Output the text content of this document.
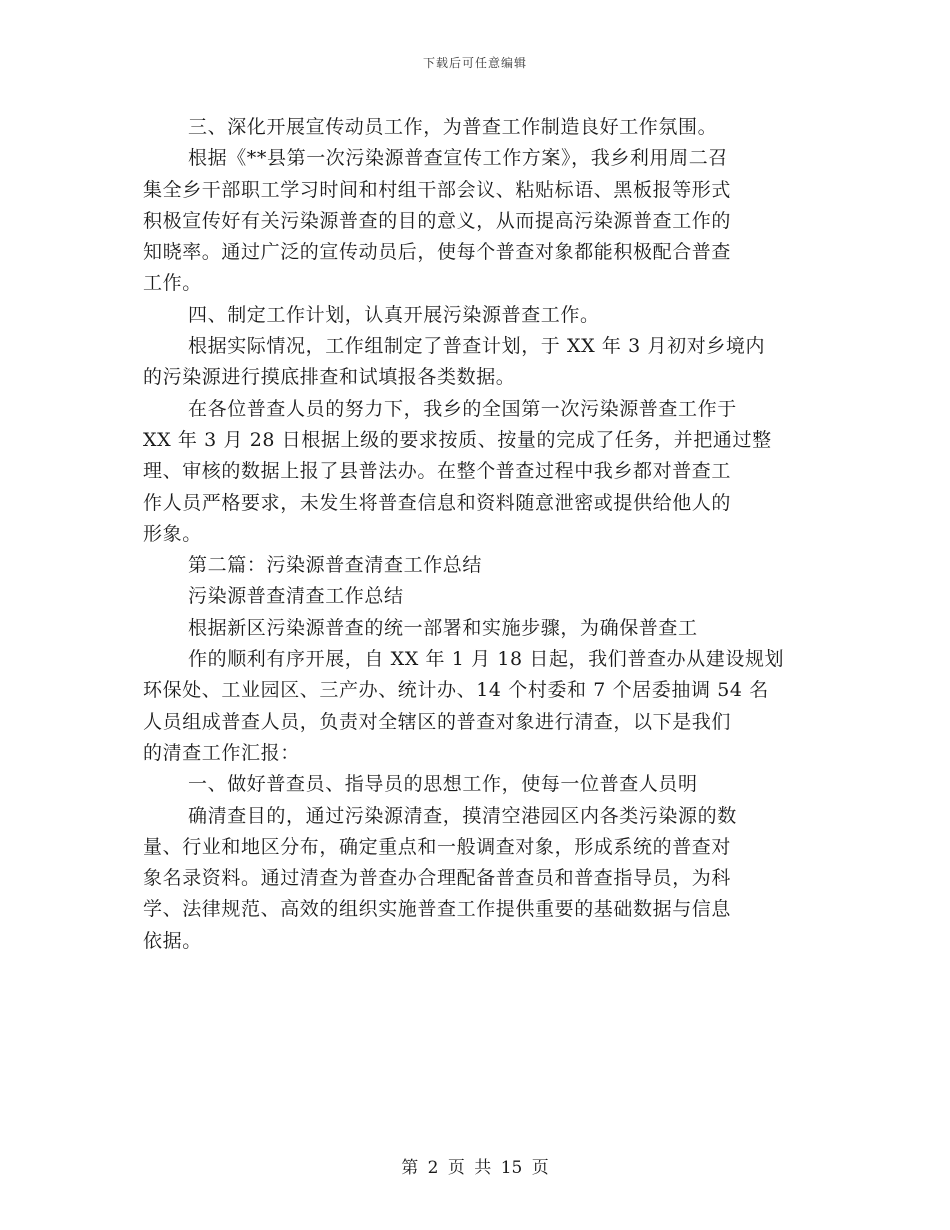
下载后可任意编辑
三、深化开展宣传动员工作，为普查工作制造良好工作氛围。
根据《**县第一次污染源普查宣传工作方案》，我乡利用周二召
集全乡干部职工学习时间和村组干部会议、粘贴标语、黑板报等形式
积极宣传好有关污染源普查的目的意义，从而提高污染源普查工作的
知晓率。通过广泛的宣传动员后，使每个普查对象都能积极配合普查
工作。
四、制定工作计划，认真开展污染源普查工作。
根据实际情况，工作组制定了普查计划，于 XX 年 3 月初对乡境内
的污染源进行摸底排查和试填报各类数据。
在各位普查人员的努力下，我乡的全国第一次污染源普查工作于
XX 年 3 月 28 日根据上级的要求按质、按量的完成了任务，并把通过整
理、审核的数据上报了县普法办。在整个普查过程中我乡都对普查工
作人员严格要求，未发生将普查信息和资料随意泄密或提供给他人的
形象。
第二篇：污染源普查清查工作总结
污染源普查清查工作总结
根据新区污染源普查的统一部署和实施步骤，为确保普查工
作的顺利有序开展，自 XX 年 1 月 18 日起，我们普查办从建设规划
环保处、工业园区、三产办、统计办、14 个村委和 7 个居委抽调 54 名
人员组成普查人员，负责对全辖区的普查对象进行清查，以下是我们
的清查工作汇报：
一、做好普查员、指导员的思想工作，使每一位普查人员明
确清查目的，通过污染源清查，摸清空港园区内各类污染源的数
量、行业和地区分布，确定重点和一般调查对象，形成系统的普查对
象名录资料。通过清查为普查办合理配备普查员和普查指导员，为科
学、法律规范、高效的组织实施普查工作提供重要的基础数据与信息
依据。
第 2 页 共 15 页
